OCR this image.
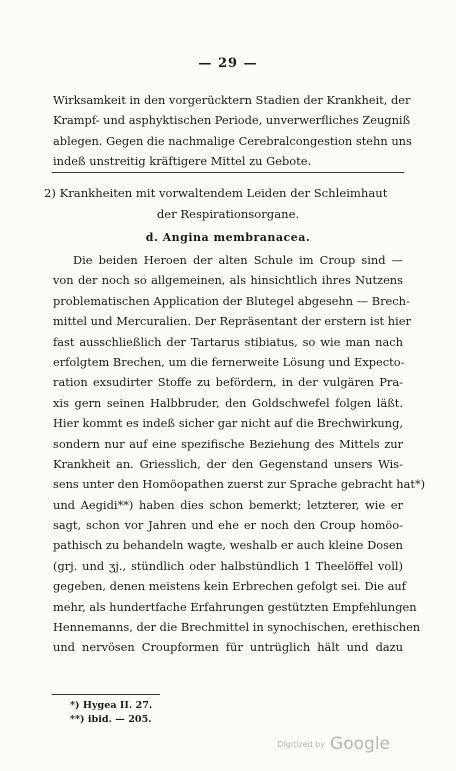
— 29 —
Wirksamkeit in den vorgerücktern Stadien der Krankheit, der
Krampf- und asphyktischen Periode, unverwerfliches Zeugniß
ablegen. Gegen die nachmalige Cerebralcongestion stehn uns
indeß unstreitig kräftigere Mittel zu Gebote.
2) Krankheiten mit vorwaltendem Leiden der Schleimhaut
der Respirationsorgane.
d. Angina membranacea.
Die beiden Heroen der alten Schule im Croup sind —
von der noch so allgemeinen, als hinsichtlich ihres Nutzens
problematischen Application der Blutegel abgesehn — Brech-
mittel und Mercuralien. Der Repräsentant der erstern ist hier
fast ausschließlich der Tartarus stibiatus, so wie man nach
erfolgtem Brechen, um die fernerweite Lösung und Expecto-
ration exsudirter Stoffe zu befördern, in der vulgären Pra-
xis gern seinen Halbbruder, den Goldschwefel folgen läßt.
Hier kommt es indeß sicher gar nicht auf die Brechwirkung,
sondern nur auf eine spezifische Beziehung des Mittels zur
Krankheit an. Griesslich, der den Gegenstand unsers Wis-
sens unter den Homöopathen zuerst zur Sprache gebracht hat*)
und Aegidi**) haben dies schon bemerkt; letzterer, wie er
sagt, schon vor Jahren und ehe er noch den Croup homöo-
pathisch zu behandeln wagte, weshalb er auch kleine Dosen
(grj. und ʒj., stündlich oder halbstündlich 1 Theelöffel voll)
gegeben, denen meistens kein Erbrechen gefolgt sei. Die auf
mehr, als hundertfache Erfahrungen gestützten Empfehlungen
Hennemanns, der die Brechmittel in synochischen, erethischen
und nervösen Croupformen für untrüglich hält und dazu
*) Hygea II. 27.
**) ibid. — 205.
Digitized by Google
